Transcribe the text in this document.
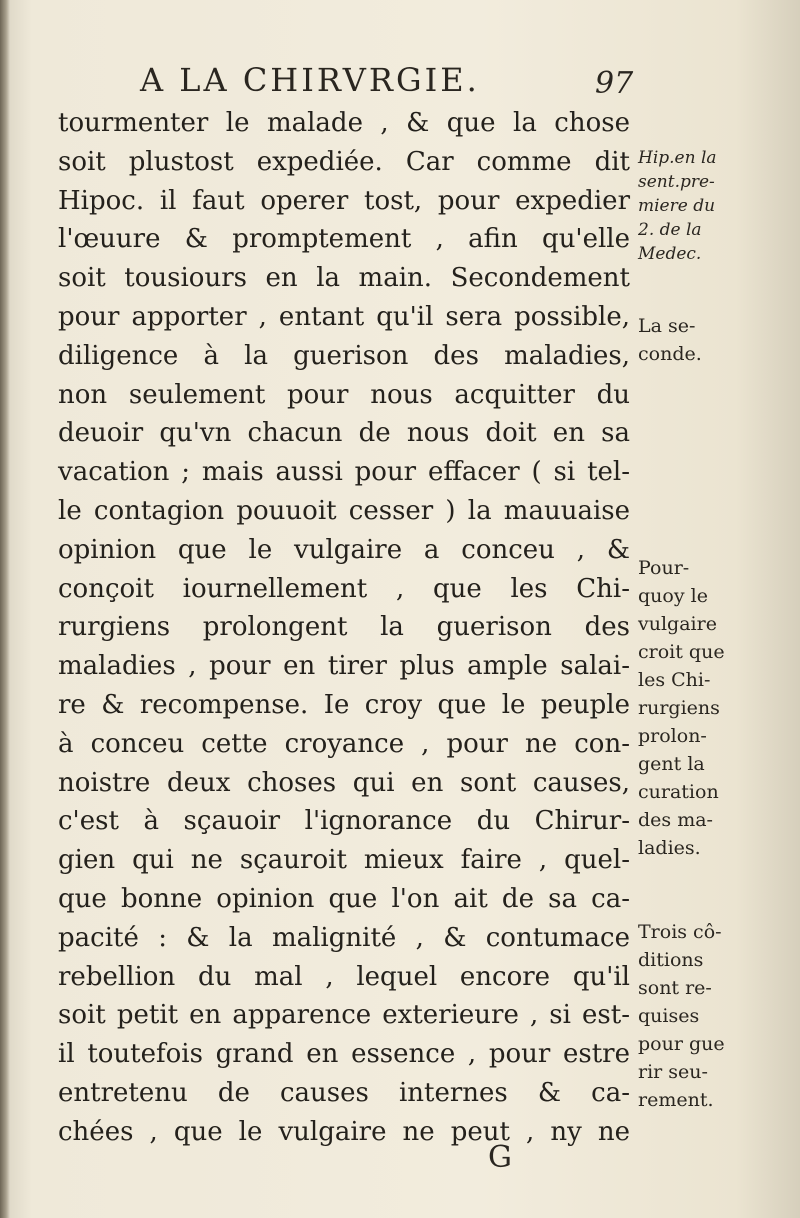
A LA CHIRVRGIE.	97
tourmenter le malade , & que la chose
soit plustost expediée. Car comme dit
Hipoc. il faut operer tost, pour expedier
l'œuure & promptement , afin qu'elle
soit tousiours en la main. Secondement
pour apporter , entant qu'il sera possible,
diligence à la guerison des maladies,
non seulement pour nous acquitter du
deuoir qu'vn chacun de nous doit en sa
vacation ; mais aussi pour effacer ( si tel-
le contagion pouuoit cesser ) la mauuaise
opinion que le vulgaire a conceu , &
conçoit iournellement , que les Chi-
rurgiens prolongent la guerison des
maladies , pour en tirer plus ample salai-
re & recompense. Ie croy que le peuple
à conceu cette croyance , pour ne con-
noistre deux choses qui en sont causes,
c'est à sçauoir l'ignorance du Chirur-
gien qui ne sçauroit mieux faire , quel-
que bonne opinion que l'on ait de sa ca-
pacité : & la malignité , & contumace
rebellion du mal , lequel encore qu'il
soit petit en apparence exterieure , si est-
il toutefois grand en essence , pour estre
entretenu de causes internes & ca-
chées , que le vulgaire ne peut , ny ne
Hip.en la
sent.pre-
miere du
2. de la
Medec.
La se-
conde.
Pour-
quoy le
vulgaire
croit que
les Chi-
rurgiens
prolon-
gent la
curation
des ma-
ladies.
Trois cô-
ditions
sont re-
quises
pour gue
rir seu-
rement.
G
